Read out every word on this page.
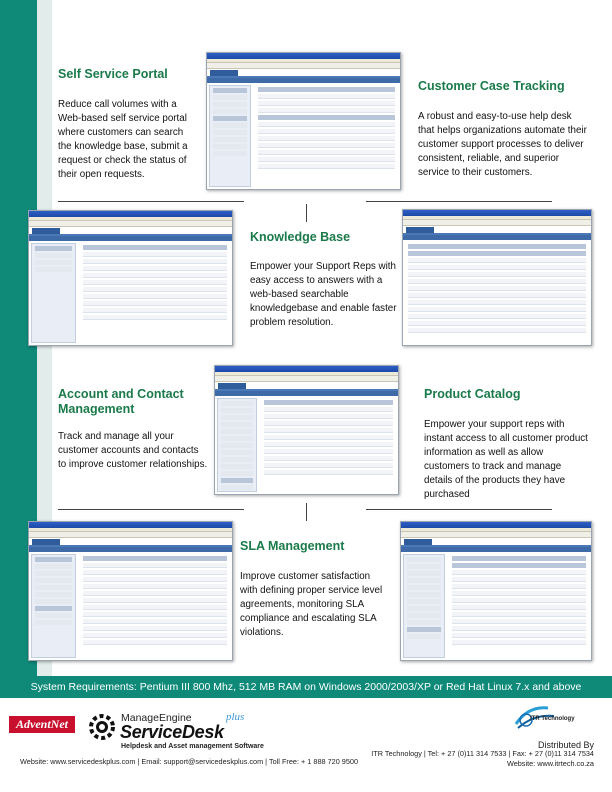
Self Service Portal
Reduce call volumes with a Web-based self service portal where customers can search the knowledge base, submit a request or check the status of their open requests.
Customer Case Tracking
A robust and easy-to-use help desk that helps organizations automate their customer support processes to deliver consistent, reliable, and superior service to their customers.
Knowledge Base
Empower your Support Reps with easy access to answers with a web-based searchable knowledgebase and enable faster problem resolution.
Account and Contact Management
Track and manage all your customer accounts and contacts to improve customer relationships.
Product Catalog
Empower your support reps with instant access to all customer product information as well as allow customers to track and manage details of the products they have purchased
SLA Management
Improve customer satisfaction with defining proper service level agreements, monitoring SLA compliance and escalating SLA violations.
System Requirements: Pentium III 800 Mhz, 512 MB RAM on Windows 2000/2003/XP or Red Hat Linux 7.x and above
AdventNet	ManageEngine
ServiceDesk
plus
Helpdesk and Asset management Software
Website: www.servicedeskplus.com | Email: support@servicedeskplus.com | Toll Free: + 1 888 720 9500
ITR Technology
Distributed By
ITR Technology | Tel: + 27 (0)11 314 7533 | Fax: + 27 (0)11 314 7534
Website: www.itrtech.co.za
